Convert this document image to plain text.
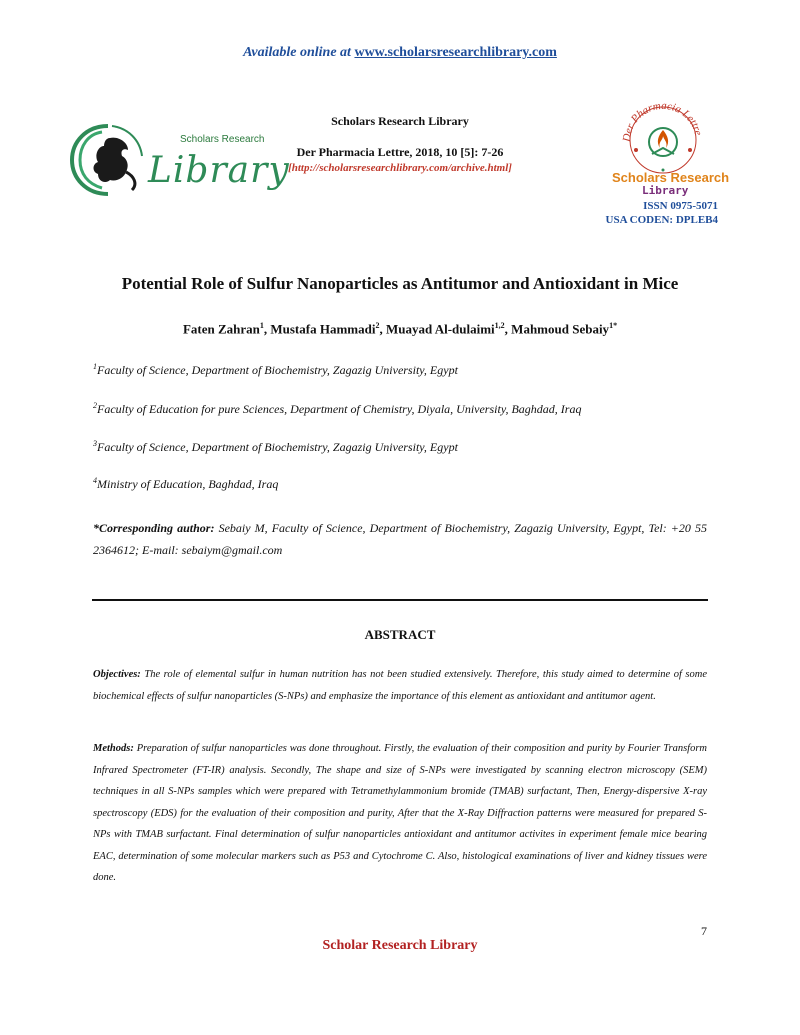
Available online at www.scholarsresearchlibrary.com
Scholars Research
Library
Scholars Research Library
Der Pharmacia Lettre, 2018, 10 [5]: 7-26
[http://scholarsresearchlibrary.com/archive.html]
Der Pharmacia Lettre
Scholars Research
Library
ISSN 0975-5071
USA CODEN: DPLEB4
Potential Role of Sulfur Nanoparticles as Antitumor and Antioxidant in Mice
Faten Zahran$^1$, Mustafa Hammadi$^2$, Muayad Al-dulaimi$^{1,2}$, Mahmoud Sebaiy$^{1*}$
$^1$Faculty of Science, Department of Biochemistry, Zagazig University, Egypt
$^2$Faculty of Education for pure Sciences, Department of Chemistry, Diyala, University, Baghdad, Iraq
$^3$Faculty of Science, Department of Biochemistry, Zagazig University, Egypt
$^4$Ministry of Education, Baghdad, Iraq
*Corresponding author: Sebaiy M, Faculty of Science, Department of Biochemistry, Zagazig University, Egypt, Tel: +20 55 2364612; E-mail: sebaiym@gmail.com
ABSTRACT
Objectives: The role of elemental sulfur in human nutrition has not been studied extensively. Therefore, this study aimed to determine of some biochemical effects of sulfur nanoparticles (S-NPs) and emphasize the importance of this element as antioxidant and antitumor agent.
Methods: Preparation of sulfur nanoparticles was done throughout. Firstly, the evaluation of their composition and purity by Fourier Transform Infrared Spectrometer (FT-IR) analysis. Secondly, The shape and size of S-NPs were investigated by scanning electron microscopy (SEM) techniques in all S-NPs samples which were prepared with Tetramethylammonium bromide (TMAB) surfactant, Then, Energy-dispersive X-ray spectroscopy (EDS) for the evaluation of their composition and purity, After that the X-Ray Diffraction patterns were measured for prepared S-NPs with TMAB surfactant. Final determination of sulfur nanoparticles antioxidant and antitumor activites in experiment female mice bearing EAC, determination of some molecular markers such as P53 and Cytochrome C. Also, histological examinations of liver and kidney tissues were done.
7
Scholar Research Library
